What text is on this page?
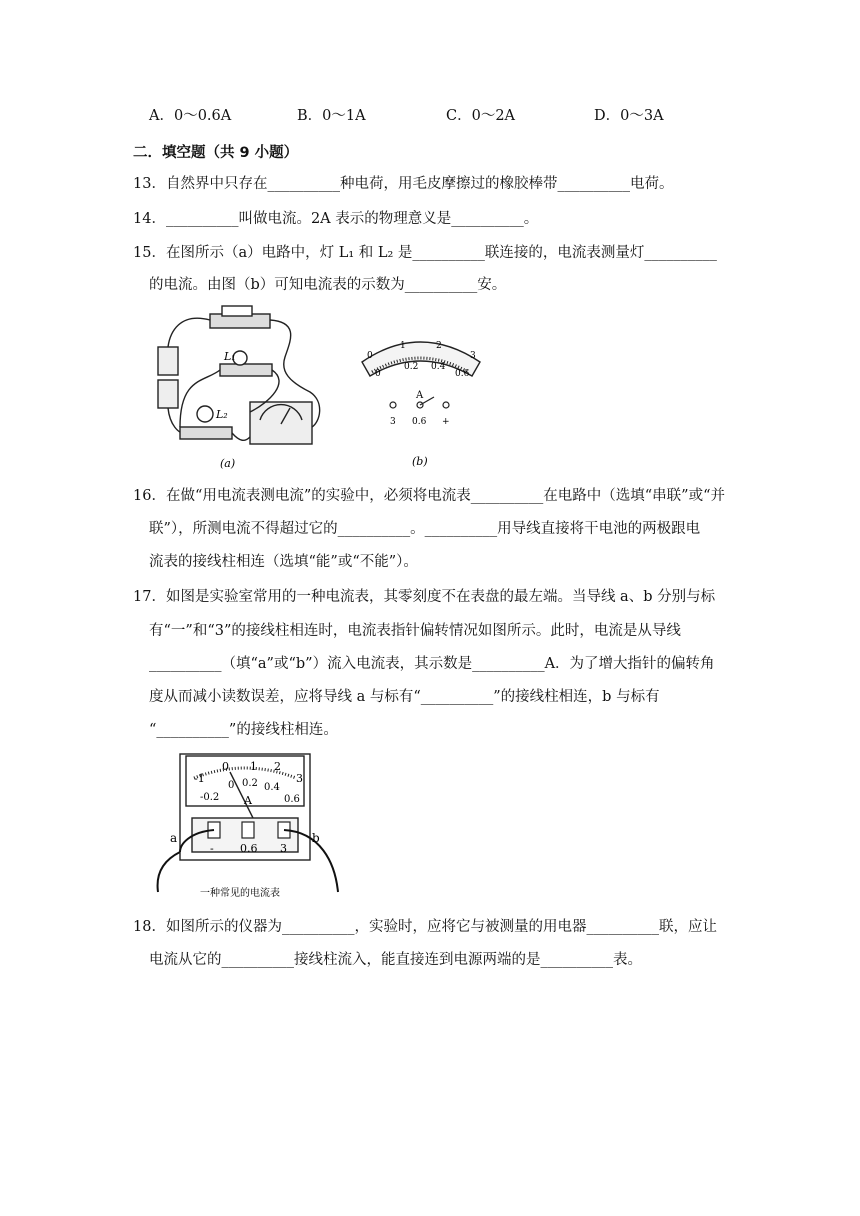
A．0～0.6A	B．0～1A	C．0～2A	D．0～3A
二．填空题（共 9 小题）
13．自然界中只存在__________种电荷，用毛皮摩擦过的橡胶棒带__________电荷。
14．__________叫做电流。2A 表示的物理意义是__________。
15．在图所示（a）电路中，灯 L₁ 和 L₂ 是__________联连接的，电流表测量灯__________
的电流。由图（b）可知电流表的示数为__________安。
L₁
L₂
(a)
0
1	2
3
0
0.2 0.4
0.6
A
3 0.6 +
(b)
16．在做“用电流表测电流”的实验中，必须将电流表__________在电路中（选填“串联”或“并
联”），所测电流不得超过它的__________。__________用导线直接将干电池的两极跟电
流表的接线柱相连（选填“能”或“不能”）。
17．如图是实验室常用的一种电流表，其零刻度不在表盘的最左端。当导线 a、b 分别与标
有“一”和“3”的接线柱相连时，电流表指针偏转情况如图所示。此时，电流是从导线
__________（填“a”或“b”）流入电流表，其示数是__________A．为了增大指针的偏转角
度从而减小读数误差，应将导线 a 与标有“__________”的接线柱相连，b 与标有
“__________”的接线柱相连。
-1
0 1 2
3
-0.2
0 0.2 0.4
0.6
A
- 0.6 3
a	b
一种常见的电流表
18．如图所示的仪器为__________，实验时，应将它与被测量的用电器__________联，应让
电流从它的__________接线柱流入，能直接连到电源两端的是__________表。
